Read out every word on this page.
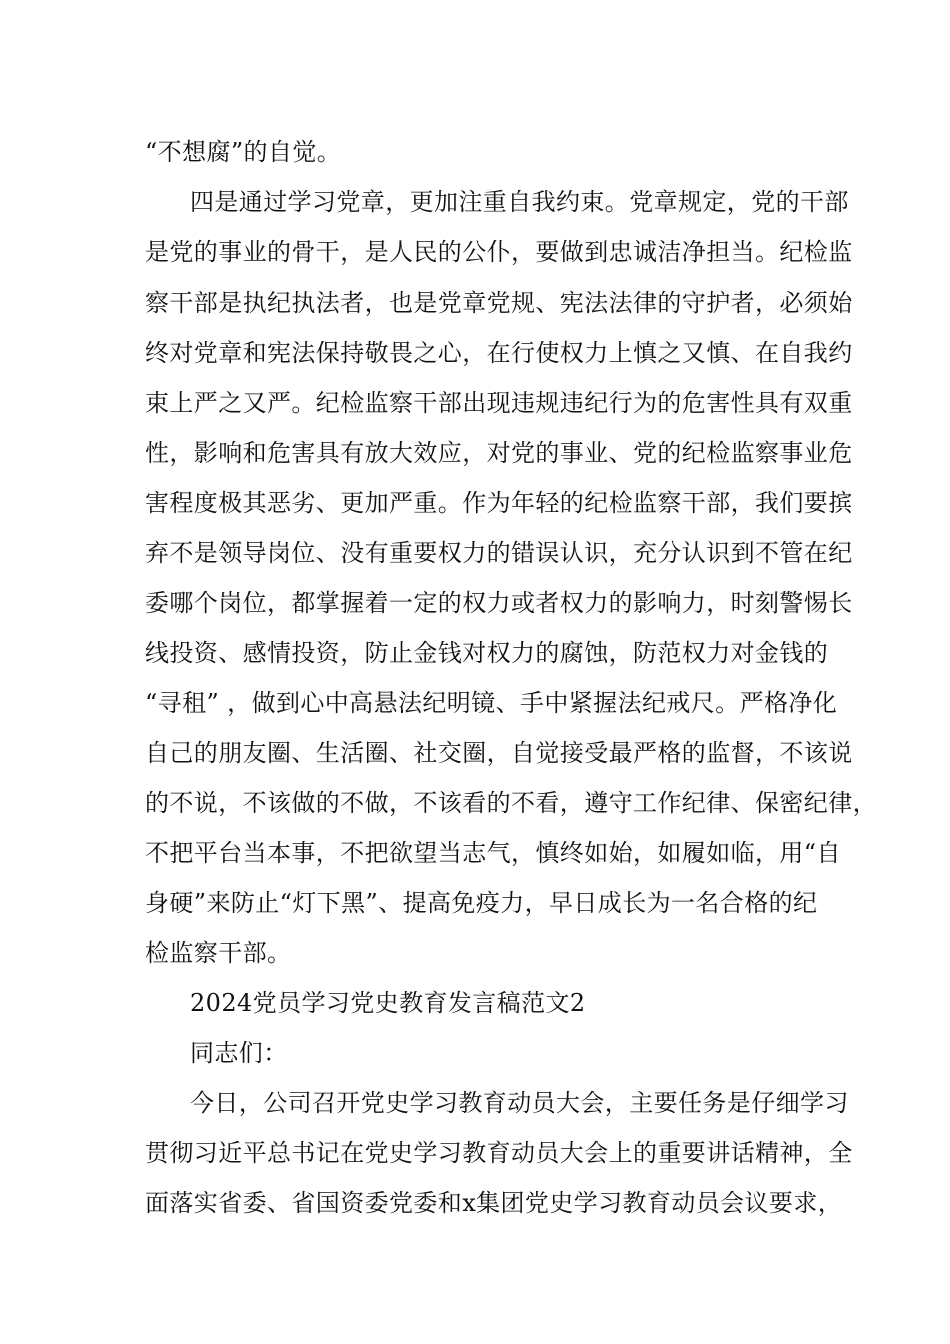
“不想腐”的自觉。
四是通过学习党章，更加注重自我约束。党章规定，党的干部
是党的事业的骨干，是人民的公仆，要做到忠诚洁净担当。纪检监
察干部是执纪执法者，也是党章党规、宪法法律的守护者，必须始
终对党章和宪法保持敬畏之心，在行使权力上慎之又慎、在自我约
束上严之又严。纪检监察干部出现违规违纪行为的危害性具有双重
性，影响和危害具有放大效应，对党的事业、党的纪检监察事业危
害程度极其恶劣、更加严重。作为年轻的纪检监察干部，我们要摈
弃不是领导岗位、没有重要权力的错误认识，充分认识到不管在纪
委哪个岗位，都掌握着一定的权力或者权力的影响力，时刻警惕长
线投资、感情投资，防止金钱对权力的腐蚀，防范权力对金钱的
“寻租” ，做到心中高悬法纪明镜、手中紧握法纪戒尺。严格净化
自己的朋友圈、生活圈、社交圈，自觉接受最严格的监督，不该说
的不说，不该做的不做，不该看的不看，遵守工作纪律、保密纪律，
不把平台当本事，不把欲望当志气，慎终如始，如履如临，用“自
身硬”来防止“灯下黑”、提高免疫力，早日成长为一名合格的纪
检监察干部。
2024党员学习党史教育发言稿范文2
同志们：
今日，公司召开党史学习教育动员大会，主要任务是仔细学习
贯彻习近平总书记在党史学习教育动员大会上的重要讲话精神，全
面落实省委、省国资委党委和x集团党史学习教育动员会议要求，
